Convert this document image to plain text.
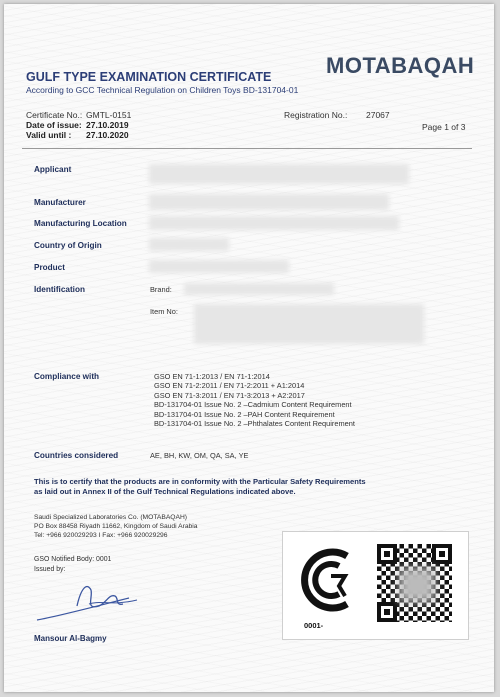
MOTABAQAH
GULF TYPE EXAMINATION CERTIFICATE
According to GCC Technical Regulation on Children Toys BD-131704-01
Certificate No.: GMTL-0151
Date of issue: 27.10.2019
Valid until : 27.10.2020
Registration No.: 27067
Page 1 of 3
Applicant
Manufacturer
Manufacturing Location
Country of Origin
Product
Identification	Brand:
Item No:
Compliance with	GSO EN 71-1:2013 / EN 71-1:2014
GSO EN 71-2:2011 / EN 71-2:2011 + A1:2014
GSO EN 71-3:2011 / EN 71-3:2013 + A2:2017
BD-131704-01 Issue No. 2 –Cadmium Content Requirement
BD-131704-01 Issue No. 2 –PAH Content Requirement
BD-131704-01 Issue No. 2 –Phthalates Content Requirement
Countries considered	AE, BH, KW, OM, QA, SA, YE
This is to certify that the products are in conformity with the Particular Safety Requirements
as laid out in Annex II of the Gulf Technical Regulations indicated above.
Saudi Specialized Laboratories Co. (MOTABAQAH)
PO Box 88458 Riyadh 11662, Kingdom of Saudi Arabia
Tel: +966 920029293 I Fax: +966 920029296
GSO Notified Body: 0001
Issued by:
Mansour Al-Bagmy
0001-
